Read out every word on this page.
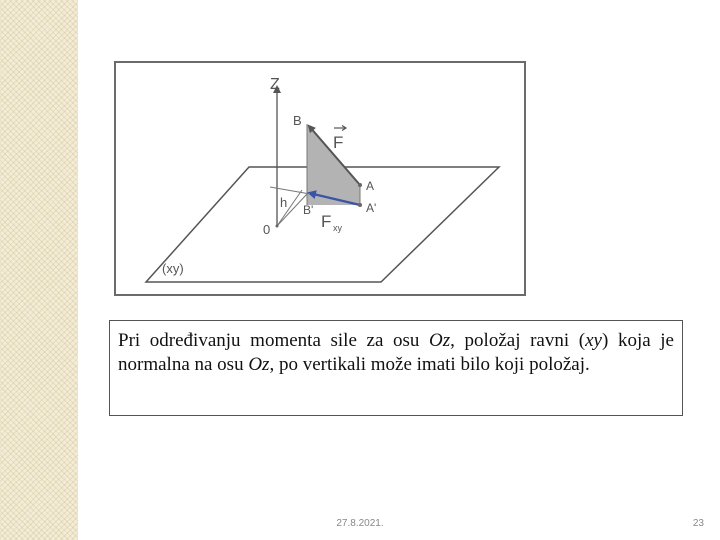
Z
B
F
A
A'
B'
h
0	F xy
(xy)
Pri određivanju momenta sile za osu Oz, položaj ravni (xy) koja je normalna na osu Oz, po vertikali može imati bilo koji položaj.
27.8.2021.	23
